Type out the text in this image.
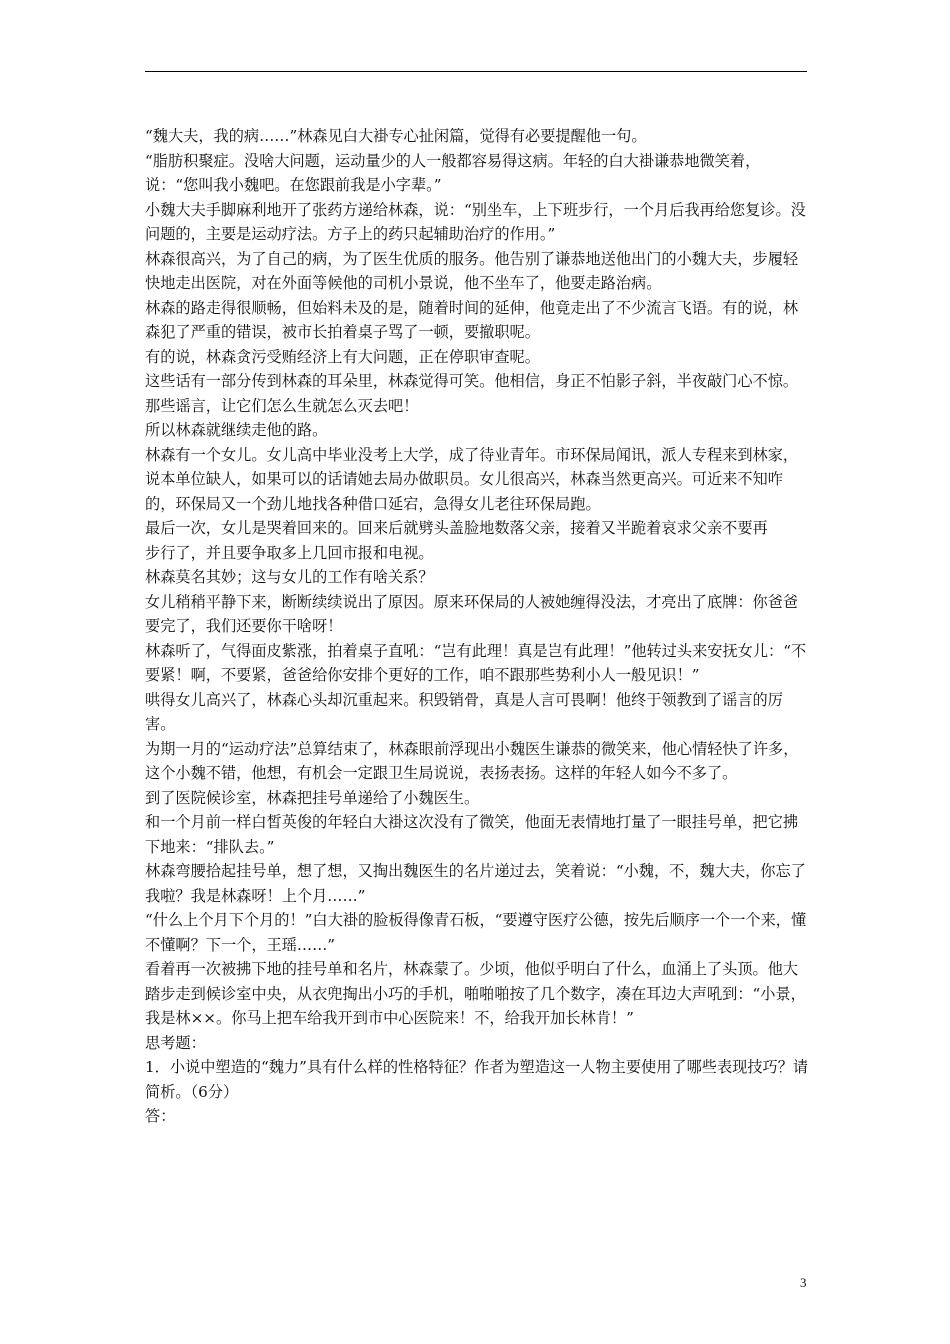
“魏大夫，我的病……”林森见白大褂专心扯闲篇，觉得有必要提醒他一句。

“脂肪积聚症。没啥大问题，运动量少的人一般都容易得这病。年轻的白大褂谦恭地微笑着，说：“您叫我小魏吧。在您跟前我是小字辈。”

小魏大夫手脚麻利地开了张药方递给林森，说：“别坐车，上下班步行，一个月后我再给您复诊。没问题的，主要是运动疗法。方子上的药只起辅助治疗的作用。”

林森很高兴，为了自己的病，为了医生优质的服务。他告别了谦恭地送他出门的小魏大夫，步履轻快地走出医院，对在外面等候他的司机小景说，他不坐车了，他要走路治病。

林森的路走得很顺畅，但始料未及的是，随着时间的延伸，他竟走出了不少流言飞语。有的说，林森犯了严重的错误，被市长拍着桌子骂了一顿，要撤职呢。

有的说，林森贪污受贿经济上有大问题，正在停职审查呢。

这些话有一部分传到林森的耳朵里，林森觉得可笑。他相信，身正不怕影子斜，半夜敲门心不惊。那些谣言，让它们怎么生就怎么灭去吧！

所以林森就继续走他的路。

林森有一个女儿。女儿高中毕业没考上大学，成了待业青年。市环保局闻讯，派人专程来到林家，说本单位缺人，如果可以的话请她去局办做职员。女儿很高兴，林森当然更高兴。可近来不知咋的，环保局又一个劲儿地找各种借口延宕，急得女儿老往环保局跑。

最后一次，女儿是哭着回来的。回来后就劈头盖脸地数落父亲，接着又半跪着哀求父亲不要再

步行了，并且要争取多上几回市报和电视。

林森莫名其妙；这与女儿的工作有啥关系？

女儿稍稍平静下来，断断续续说出了原因。原来环保局的人被她缠得没法，才亮出了底牌：你爸爸要完了，我们还要你干啥呀！

林森听了，气得面皮紫涨，拍着桌子直吼：“岂有此理！真是岂有此理！”他转过头来安抚女儿：“不要紧！啊，不要紧，爸爸给你安排个更好的工作，咱不跟那些势利小人一般见识！”

哄得女儿高兴了，林森心头却沉重起来。积毁销骨，真是人言可畏啊！他终于领教到了谣言的厉害。

为期一月的“运动疗法”总算结束了，林森眼前浮现出小魏医生谦恭的微笑来，他心情轻快了许多，这个小魏不错，他想，有机会一定跟卫生局说说，表扬表扬。这样的年轻人如今不多了。

到了医院候诊室，林森把挂号单递给了小魏医生。

和一个月前一样白皙英俊的年轻白大褂这次没有了微笑，他面无表情地打量了一眼挂号单，把它拂下地来：“排队去。”

林森弯腰拾起挂号单，想了想，又掏出魏医生的名片递过去，笑着说：“小魏，不，魏大夫，你忘了我啦？我是林森呀！上个月……”

“什么上个月下个月的！”白大褂的脸板得像青石板，“要遵守医疗公德，按先后顺序一个一个来，懂不懂啊？下一个，王瑶……”

看着再一次被拂下地的挂号单和名片，林森蒙了。少顷，他似乎明白了什么，血涌上了头顶。他大踏步走到候诊室中央，从衣兜掏出小巧的手机，啪啪啪按了几个数字，凑在耳边大声吼到：“小景，我是林××。你马上把车给我开到市中心医院来！不，给我开加长林肯！”

思考题：

1．小说中塑造的“魏力”具有什么样的性格特征？作者为塑造这一人物主要使用了哪些表现技巧？请简析。（6分）

答：

3
